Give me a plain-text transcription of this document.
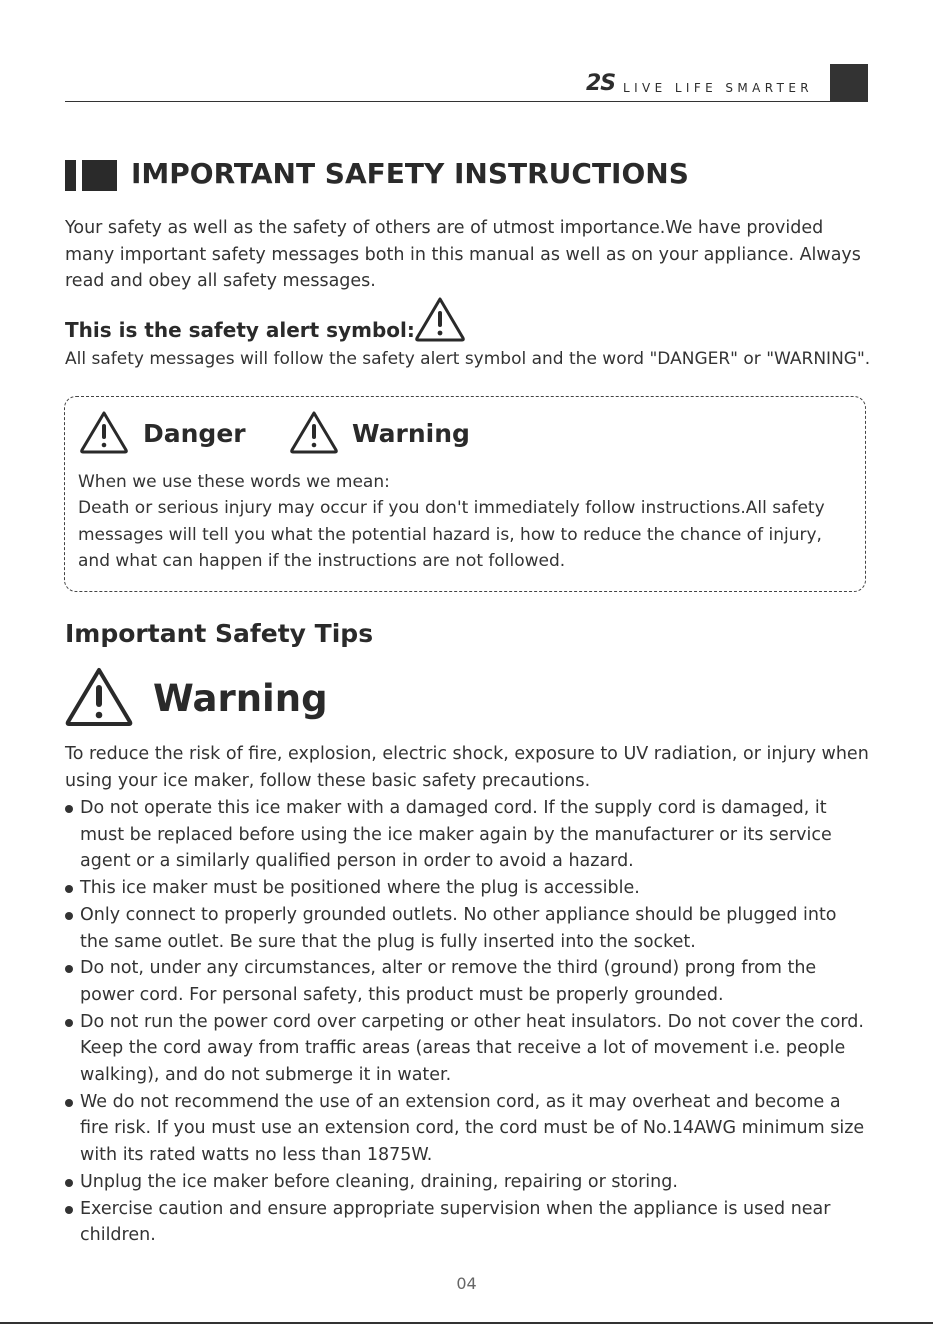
2S LIVE LIFE SMARTER
IMPORTANT SAFETY INSTRUCTIONS
Your safety as well as the safety of others are of utmost importance.We have provided many important safety messages both in this manual as well as on your appliance. Always read and obey all safety messages.
This is the safety alert symbol:
All safety messages will follow the safety alert symbol and the word "DANGER" or "WARNING".
Danger	Warning
When we use these words we mean:
Death or serious injury may occur if you don't immediately follow instructions.All safety messages will tell you what the potential hazard is, how to reduce the chance of injury, and what can happen if the instructions are not followed.
Important Safety Tips
Warning
To reduce the risk of fire, explosion, electric shock, exposure to UV radiation, or injury when using your ice maker, follow these basic safety precautions.
Do not operate this ice maker with a damaged cord. If the supply cord is damaged, it must be replaced before using the ice maker again by the manufacturer or its service agent or a similarly qualified person in order to avoid a hazard.
This ice maker must be positioned where the plug is accessible.
Only connect to properly grounded outlets. No other appliance should be plugged into the same outlet. Be sure that the plug is fully inserted into the socket.
Do not, under any circumstances, alter or remove the third (ground) prong from the power cord. For personal safety, this product must be properly grounded.
Do not run the power cord over carpeting or other heat insulators. Do not cover the cord. Keep the cord away from traffic areas (areas that receive a lot of movement i.e. people walking), and do not submerge it in water.
We do not recommend the use of an extension cord, as it may overheat and become a fire risk. If you must use an extension cord, the cord must be of No.14AWG minimum size with its rated watts no less than 1875W.
Unplug the ice maker before cleaning, draining, repairing or storing.
Exercise caution and ensure appropriate supervision when the appliance is used near children.
04
